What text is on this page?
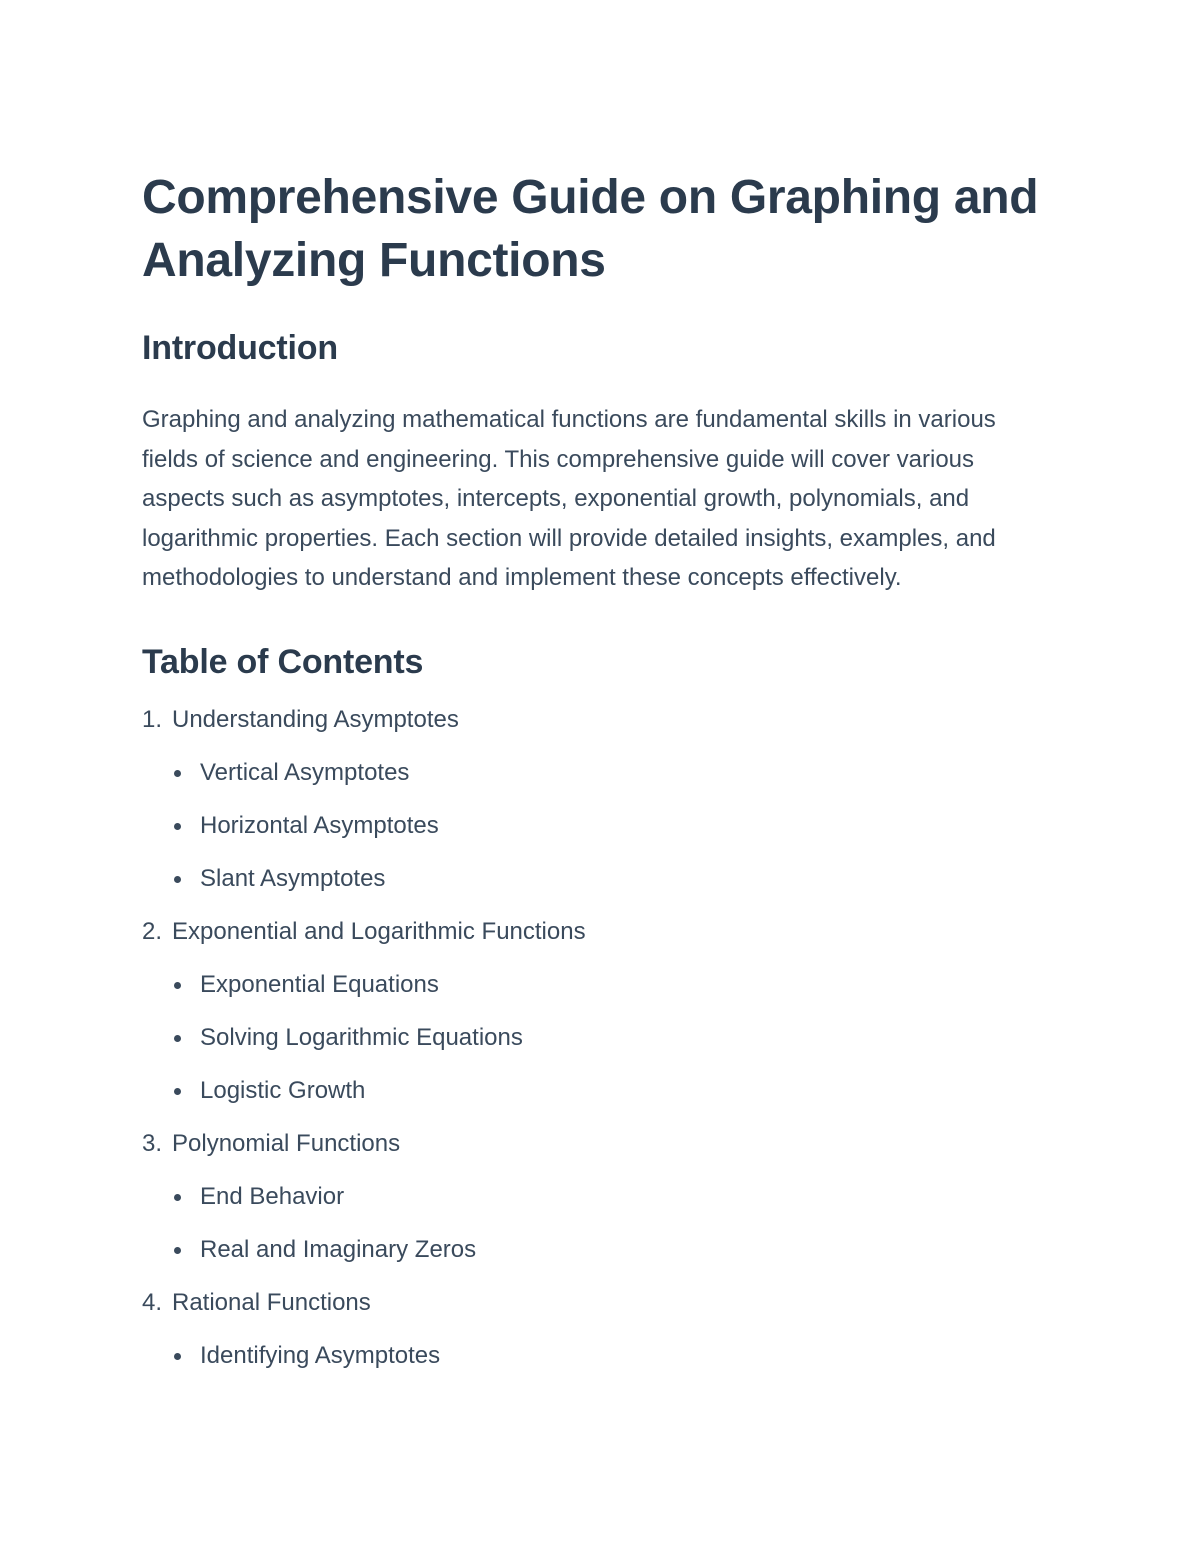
Comprehensive Guide on Graphing and Analyzing Functions
Introduction

Graphing and analyzing mathematical functions are fundamental skills in various fields of science and engineering. This comprehensive guide will cover various aspects such as asymptotes, intercepts, exponential growth, polynomials, and logarithmic properties. Each section will provide detailed insights, examples, and methodologies to understand and implement these concepts effectively.

Table of Contents
1. Understanding Asymptotes
Vertical Asymptotes
Horizontal Asymptotes
Slant Asymptotes
2. Exponential and Logarithmic Functions
Exponential Equations
Solving Logarithmic Equations
Logistic Growth
3. Polynomial Functions
End Behavior
Real and Imaginary Zeros
4. Rational Functions
Identifying Asymptotes
